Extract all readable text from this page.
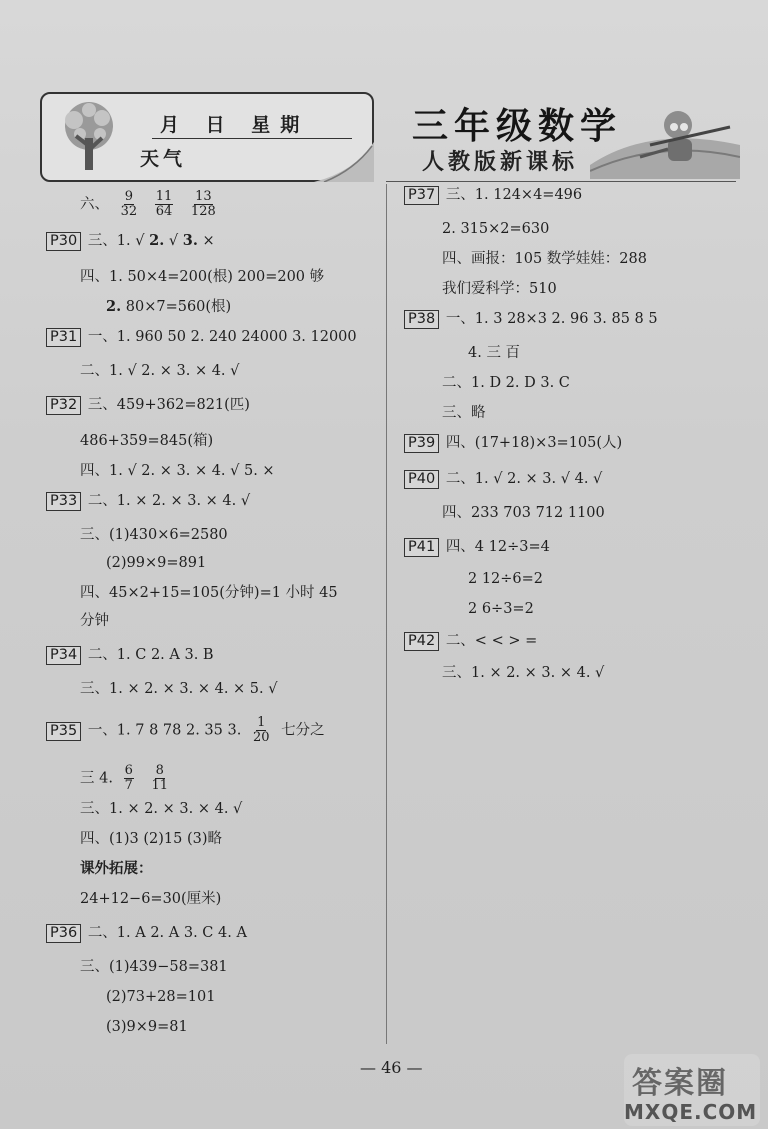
月 日 星期
天气
三年级数学
人教版新课标
六、 $\frac{9}{32}$
$\frac{11}{64}$
$\frac{13}{128}$
P30 三、1. √ 2. √ 3. ×
四、1. 50×4=200(根) 200=200 够
2. 80×7=560(根)
P31 一、1. 960 50 2. 240 24000 3. 12000
二、1. √ 2. × 3. × 4. √
P32 三、459+362=821(匹)
486+359=845(箱)
四、1. √ 2. × 3. × 4. √ 5. ×
P33 二、1. × 2. × 3. × 4. √
三、(1)430×6=2580
(2)99×9=891
四、45×2+15=105(分钟)=1 小时 45
分钟
P34 二、1. C 2. A 3. B
三、1. × 2. × 3. × 4. × 5. √
P35 一、1. 7 8 78 2. 35 3. $\frac{1}{20}$ 七分之
三 4. $\frac{6}{7}$
$\frac{8}{11}$
三、1. × 2. × 3. × 4. √
四、(1)3 (2)15 (3)略
课外拓展：
24+12−6=30(厘米)
P36 二、1. A 2. A 3. C 4. A
三、(1)439−58=381
(2)73+28=101
(3)9×9=81
P37 三、1. 124×4=496
2. 315×2=630
四、画报：105 数学娃娃：288
我们爱科学：510
P38 一、1. 3 28×3 2. 96 3. 85 8 5
4. 三 百
二、1. D 2. D 3. C
三、略
P39 四、(17+18)×3=105(人)
P40 二、1. √ 2. × 3. √ 4. √
四、233 703 712 1100
P41 四、4 12÷3=4
2 12÷6=2
2 6÷3=2
P42 二、< < > =
三、1. × 2. × 3. × 4. √
— 46 —	答案圈
MXQE.COM
